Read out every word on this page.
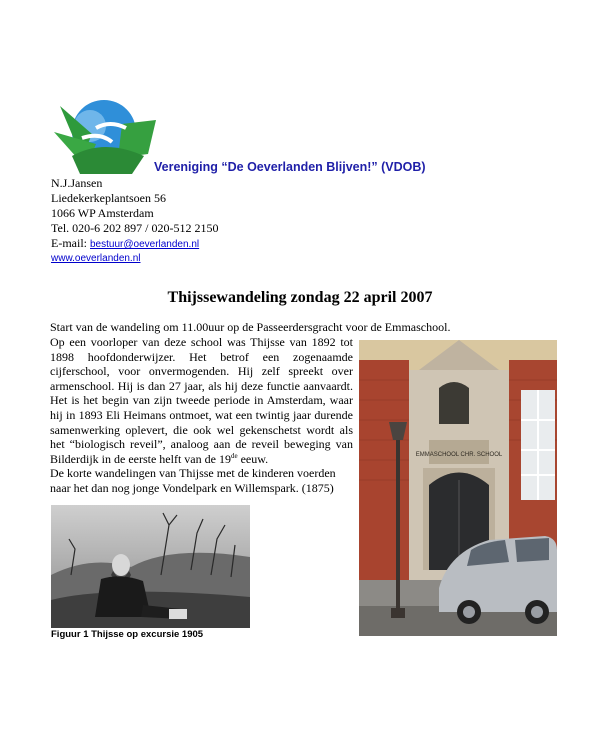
Vereniging “De Oeverlanden Blijven!” (VDOB)
N.J.Jansen
Liedekerkeplantsoen 56
1066 WP Amsterdam
Tel. 020-6 202 897 / 020-512 2150
E-mail: bestuur@oeverlanden.nl
www.oeverlanden.nl
Thijssewandeling zondag 22 april 2007
Start van de wandeling om 11.00uur op de Passeerdersgracht voor de Emmaschool.

Op een voorloper van deze school was Thijsse van 1892 tot 1898 hoofdonderwijzer. Het betrof een zogenaamde cijferschool, voor onvermogenden. Hij zelf spreekt over armenschool. Hij is dan 27 jaar, als hij deze functie aanvaardt. Het is het begin van zijn tweede periode in Amsterdam, waar hij in 1893 Eli Heimans ontmoet, wat een twintig jaar durende samenwerking oplevert, die ook wel gekenschetst wordt als het “biologisch reveil”, analoog aan de reveil beweging van Bilderdijk in de eerste helft van de 19de eeuw.

De korte wandelingen van Thijsse met de kinderen voerden naar het dan nog jonge Vondelpark en Willemspark. (1875)

Figuur 1 Thijsse op excursie 1905
EMMASCHOOL CHR. SCHOOL
